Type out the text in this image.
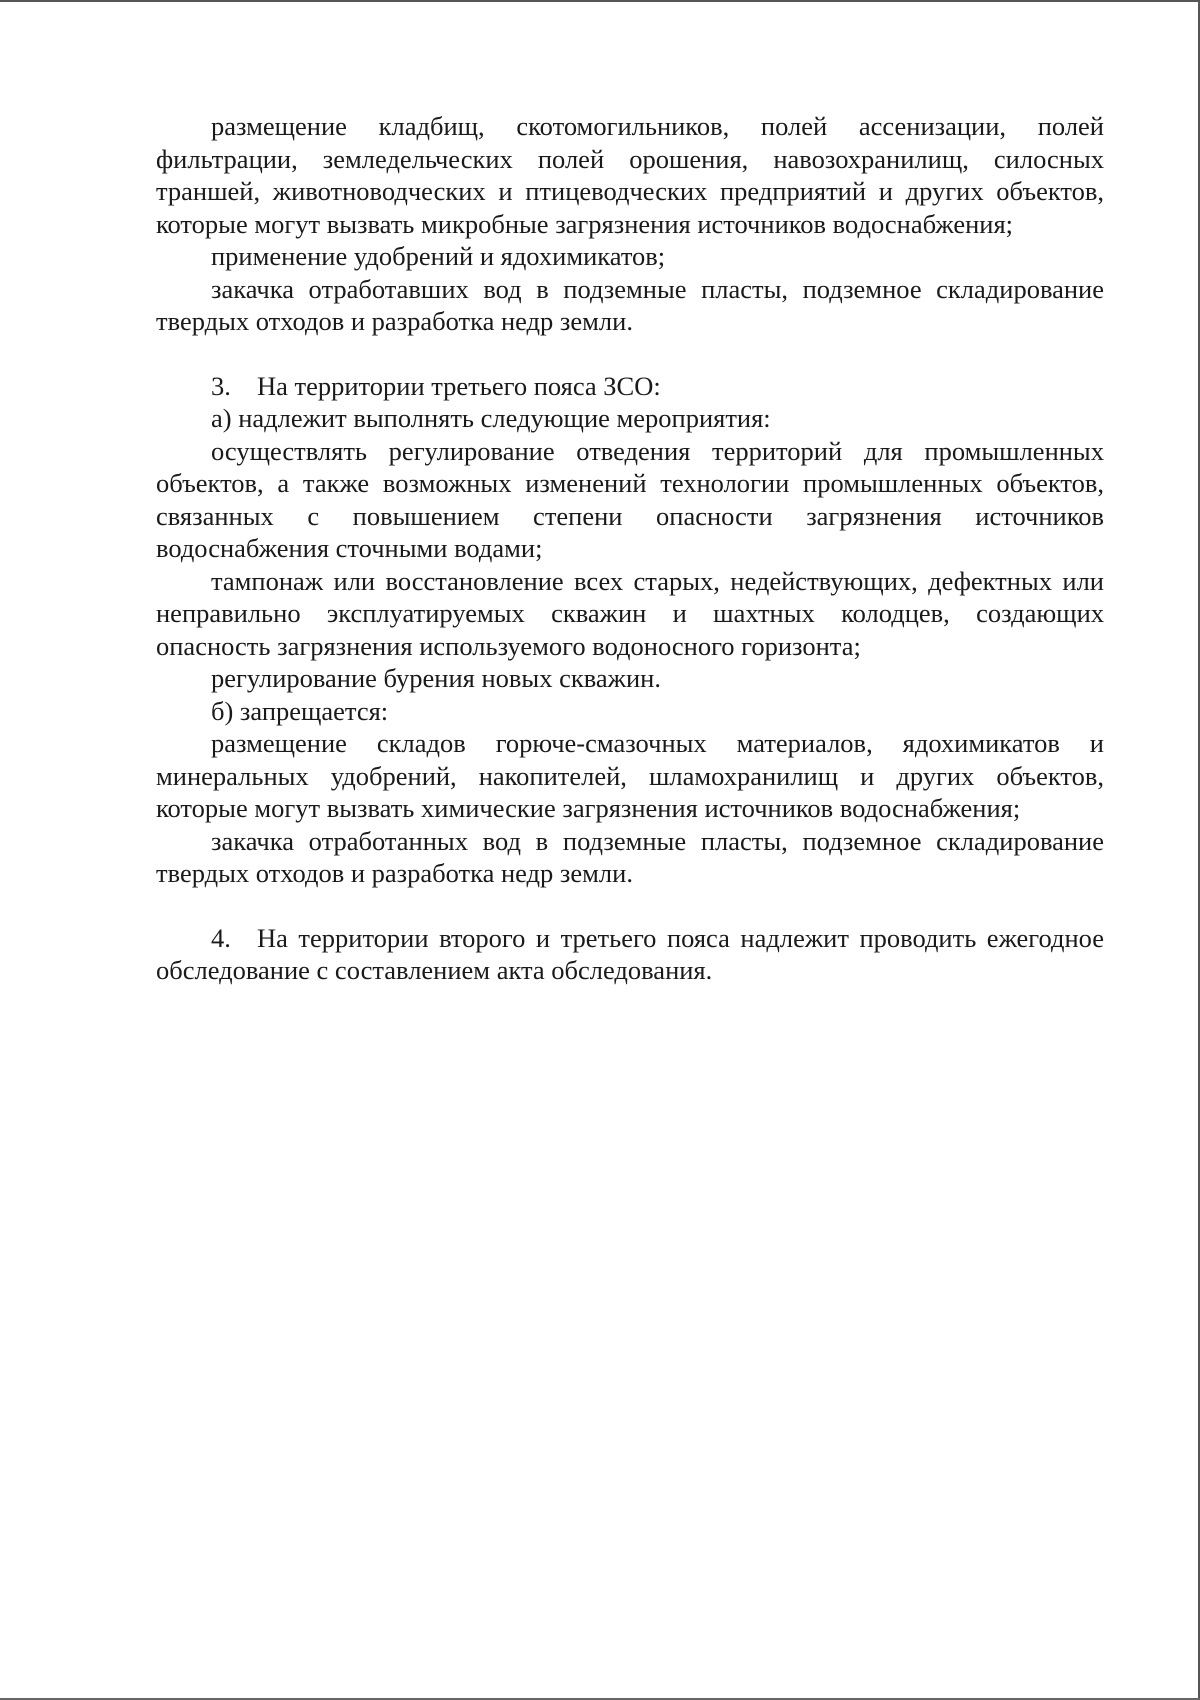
размещение кладбищ, скотомогильников, полей ассенизации, полей фильтрации, земледельческих полей орошения, навозохранилищ, силосных траншей, животноводческих и птицеводческих предприятий и других объектов, которые могут вызвать микробные загрязнения источников водоснабжения;

применение удобрений и ядохимикатов;

закачка отработавших вод в подземные пласты, подземное складирование твердых отходов и разработка недр земли.

3. На территории третьего пояса ЗСО:

а) надлежит выполнять следующие мероприятия:

осуществлять регулирование отведения территорий для промышленных объектов, а также возможных изменений технологии промышленных объектов, связанных с повышением степени опасности загрязнения источников водоснабжения сточными водами;

тампонаж или восстановление всех старых, недействующих, дефектных или неправильно эксплуатируемых скважин и шахтных колодцев, создающих опасность загрязнения используемого водоносного горизонта;

регулирование бурения новых скважин.

б) запрещается:

размещение складов горюче-смазочных материалов, ядохимикатов и минеральных удобрений, накопителей, шламохранилищ и других объектов, которые могут вызвать химические загрязнения источников водоснабжения;

закачка отработанных вод в подземные пласты, подземное складирование твердых отходов и разработка недр земли.

4. На территории второго и третьего пояса надлежит проводить ежегодное обследование с составлением акта обследования.
